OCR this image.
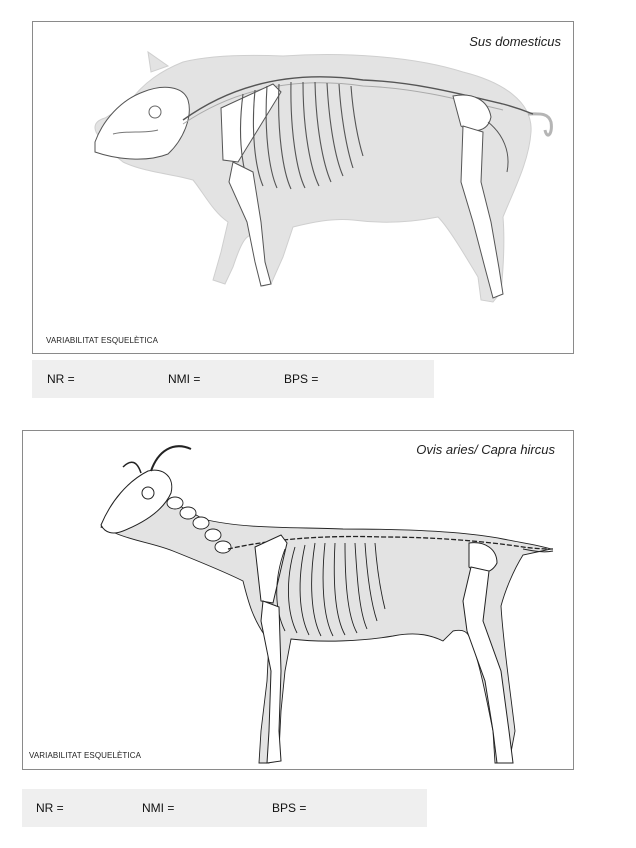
Sus domesticus
VARIABILITAT ESQUELÈTICA
NR =	NMI =	BPS =
Ovis aries/ Capra hircus
VARIABILITAT ESQUELÈTICA
NR =	NMI =	BPS =
